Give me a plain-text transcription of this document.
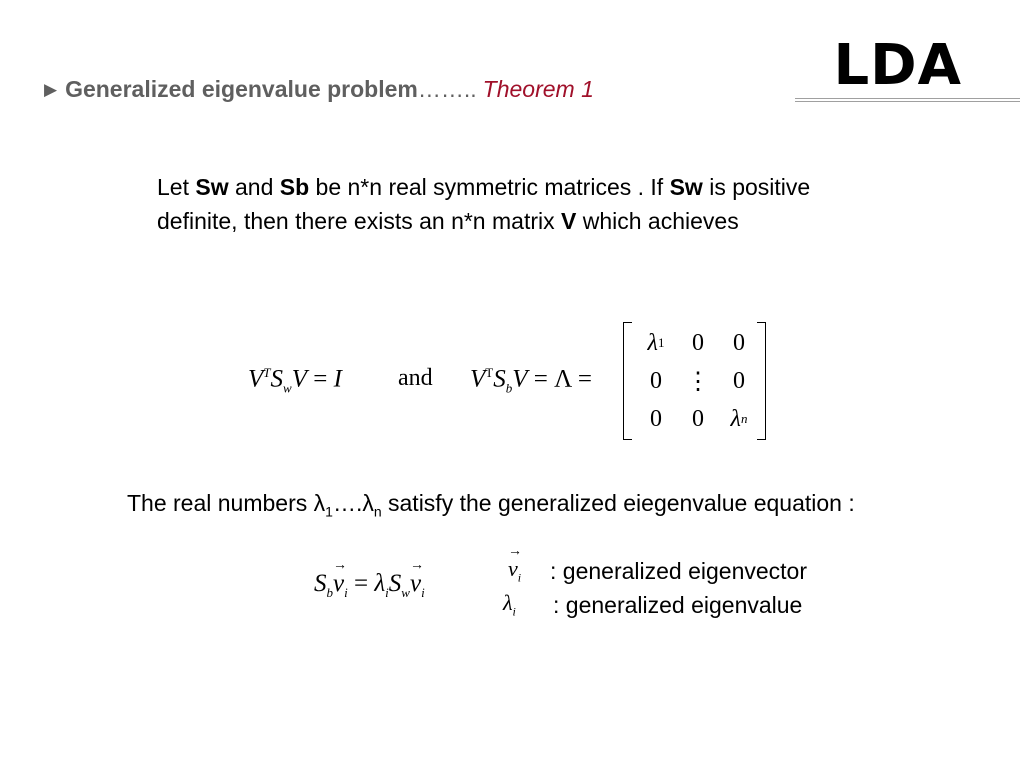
LDA
▶ Generalized eigenvalue problem…….. Theorem 1
Let Sw and Sb be n*n real symmetric matrices . If Sw is positive definite, then there exists an n*n matrix V which achieves
$V^TS_wV = I$ and $V^TS_bV = \Lambda$ =
λ 1	0	0
0	⋮ 0
0	0	λ n
The real numbers $\lambda_1\dots.\lambda_n$ satisfy the generalized eiegenvalue equation :
$S_b\to v_i = \lambda_iS_w\to v_i$
→ $v_i$ : generalized eigenvector
$\lambda_i$ : generalized eigenvalue
